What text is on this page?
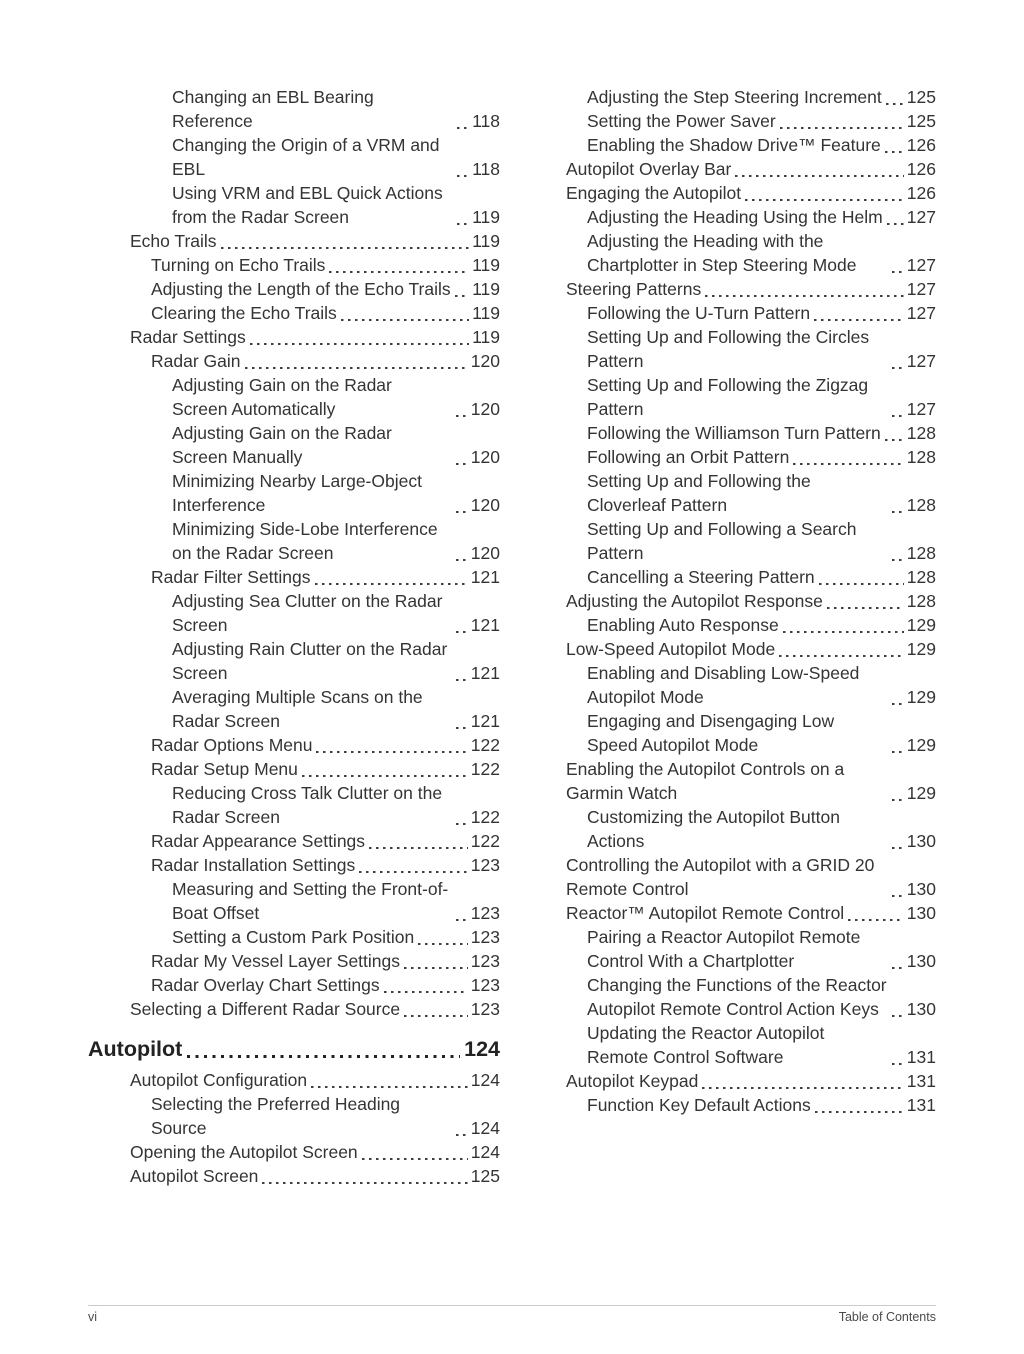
Changing an EBL Bearing Reference	118
Changing the Origin of a VRM and EBL	118
Using VRM and EBL Quick Actions from the Radar Screen	119
Echo Trails	119
Turning on Echo Trails	119
Adjusting the Length of the Echo Trails 119
Clearing the Echo Trails	119
Radar Settings	119
Radar Gain	120
Adjusting Gain on the Radar Screen Automatically	120
Adjusting Gain on the Radar Screen Manually	120
Minimizing Nearby Large-Object Interference	120
Minimizing Side-Lobe Interference on the Radar Screen	120
Radar Filter Settings	121
Adjusting Sea Clutter on the Radar Screen	121
Adjusting Rain Clutter on the Radar Screen	121
Averaging Multiple Scans on the Radar Screen	121
Radar Options Menu	122
Radar Setup Menu	122
Reducing Cross Talk Clutter on the Radar Screen	122
Radar Appearance Settings	122
Radar Installation Settings	123
Measuring and Setting the Front-of-Boat Offset	123
Setting a Custom Park Position	123
Radar My Vessel Layer Settings	123
Radar Overlay Chart Settings	123
Selecting a Different Radar Source	123
Autopilot	124
Autopilot Configuration	124
Selecting the Preferred Heading Source	124
Opening the Autopilot Screen	124
Autopilot Screen	125
Adjusting the Step Steering Increment 125
Setting the Power Saver	125
Enabling the Shadow Drive™ Feature 126
Autopilot Overlay Bar	126
Engaging the Autopilot	126
Adjusting the Heading Using the Helm 127
Adjusting the Heading with the Chartplotter in Step Steering Mode	127
Steering Patterns	127
Following the U-Turn Pattern	127
Setting Up and Following the Circles Pattern	127
Setting Up and Following the Zigzag Pattern	127
Following the Williamson Turn Pattern 128
Following an Orbit Pattern	128
Setting Up and Following the Cloverleaf Pattern	128
Setting Up and Following a Search Pattern	128
Cancelling a Steering Pattern	128
Adjusting the Autopilot Response	128
Enabling Auto Response	129
Low-Speed Autopilot Mode	129
Enabling and Disabling Low-Speed Autopilot Mode	129
Engaging and Disengaging Low Speed Autopilot Mode	129
Enabling the Autopilot Controls on a Garmin Watch	129
Customizing the Autopilot Button Actions	130
Controlling the Autopilot with a GRID 20 Remote Control	130
Reactor™ Autopilot Remote Control	130
Pairing a Reactor Autopilot Remote Control With a Chartplotter	130
Changing the Functions of the Reactor Autopilot Remote Control Action Keys	130
Updating the Reactor Autopilot Remote Control Software	131
Autopilot Keypad	131
Function Key Default Actions	131
vi	Table of Contents
